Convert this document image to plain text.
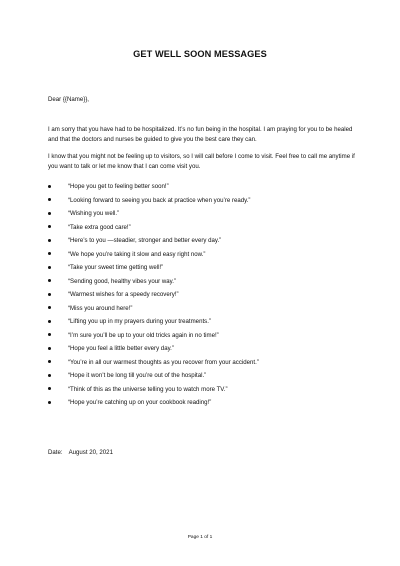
GET WELL SOON MESSAGES
Dear {{Name}},
I am sorry that you have had to be hospitalized. It’s no fun being in the hospital. I am praying for you to be healed and that the doctors and nurses be guided to give you the best care they can.
I know that you might not be feeling up to visitors, so I will call before I come to visit. Feel free to call me anytime if you want to talk or let me know that I can come visit you.
“Hope you get to feeling better soon!”
“Looking forward to seeing you back at practice when you’re ready.”
“Wishing you well.”
“Take extra good care!”
“Here’s to you —steadier, stronger and better every day.”
“We hope you’re taking it slow and easy right now.”
“Take your sweet time getting well!”
“Sending good, healthy vibes your way.”
“Warmest wishes for a speedy recovery!”
“Miss you around here!”
“Lifting you up in my prayers during your treatments.”
“I’m sure you’ll be up to your old tricks again in no time!”
“Hope you feel a little better every day.”
“You’re in all our warmest thoughts as you recover from your accident.”
“Hope it won’t be long till you’re out of the hospital.”
“Think of this as the universe telling you to watch more TV.”
“Hope you’re catching up on your cookbook reading!”
Date: August 20, 2021
Page 1 of 1
